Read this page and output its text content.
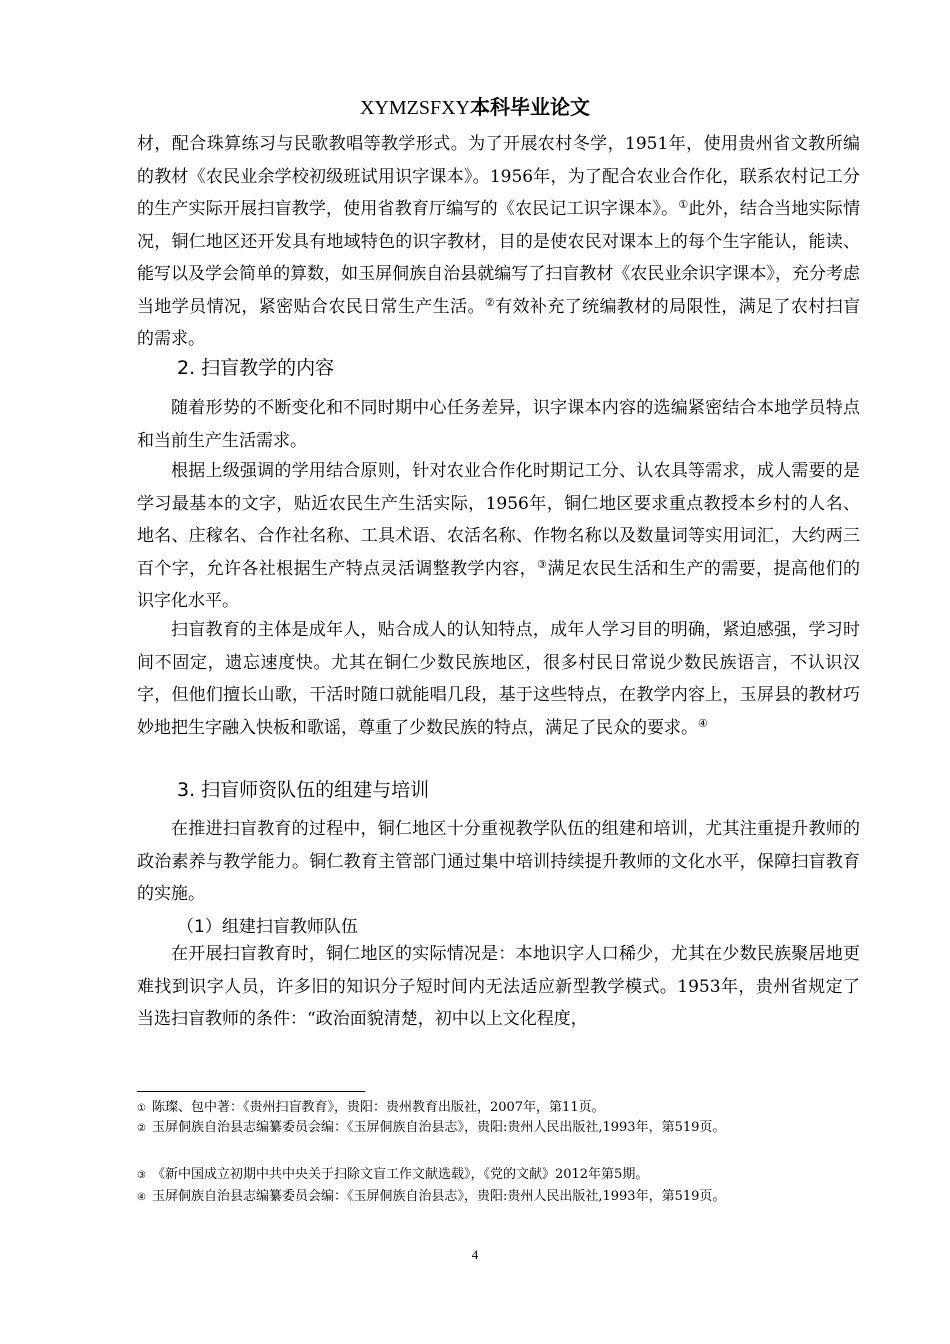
XYMZSFXY本科毕业论文

材，配合珠算练习与民歌教唱等教学形式。为了开展农村冬学，1951年，使用贵州省文教所编的教材《农民业余学校初级班试用识字课本》。1956年，为了配合农业合作化，联系农村记工分的生产实际开展扫盲教学，使用省教育厅编写的《农民记工识字课本》。①此外，结合当地实际情况，铜仁地区还开发具有地域特色的识字教材，目的是使农民对课本上的每个生字能认，能读、能写以及学会简单的算数，如玉屏侗族自治县就编写了扫盲教材《农民业余识字课本》，充分考虑当地学员情况，紧密贴合农民日常生产生活。②有效补充了统编教材的局限性，满足了农村扫盲的需求。

2. 扫盲教学的内容

随着形势的不断变化和不同时期中心任务差异，识字课本内容的选编紧密结合本地学员特点和当前生产生活需求。

根据上级强调的学用结合原则，针对农业合作化时期记工分、认农具等需求，成人需要的是学习最基本的文字，贴近农民生产生活实际，1956年，铜仁地区要求重点教授本乡村的人名、地名、庄稼名、合作社名称、工具术语、农活名称、作物名称以及数量词等实用词汇，大约两三百个字，允许各社根据生产特点灵活调整教学内容，③满足农民生活和生产的需要，提高他们的识字化水平。

扫盲教育的主体是成年人，贴合成人的认知特点，成年人学习目的明确，紧迫感强，学习时间不固定，遗忘速度快。尤其在铜仁少数民族地区，很多村民日常说少数民族语言，不认识汉字，但他们擅长山歌，干活时随口就能唱几段，基于这些特点，在教学内容上，玉屏县的教材巧妙地把生字融入快板和歌谣，尊重了少数民族的特点，满足了民众的要求。④

3. 扫盲师资队伍的组建与培训

在推进扫盲教育的过程中，铜仁地区十分重视教学队伍的组建和培训，尤其注重提升教师的政治素养与教学能力。铜仁教育主管部门通过集中培训持续提升教师的文化水平，保障扫盲教育的实施。

（1）组建扫盲教师队伍

在开展扫盲教育时，铜仁地区的实际情况是：本地识字人口稀少，尤其在少数民族聚居地更难找到识字人员，许多旧的知识分子短时间内无法适应新型教学模式。1953年，贵州省规定了当选扫盲教师的条件：“政治面貌清楚，初中以上文化程度，

① 陈璨、包中著：《贵州扫盲教育》，贵阳：贵州教育出版社，2007年，第11页。

② 玉屏侗族自治县志编纂委员会编：《玉屏侗族自治县志》，贵阳:贵州人民出版社,1993年，第519页。

③ 《新中国成立初期中共中央关于扫除文盲工作文献选载》，《党的文献》2012年第5期。

④ 玉屏侗族自治县志编纂委员会编：《玉屏侗族自治县志》，贵阳:贵州人民出版社,1993年，第519页。

4
